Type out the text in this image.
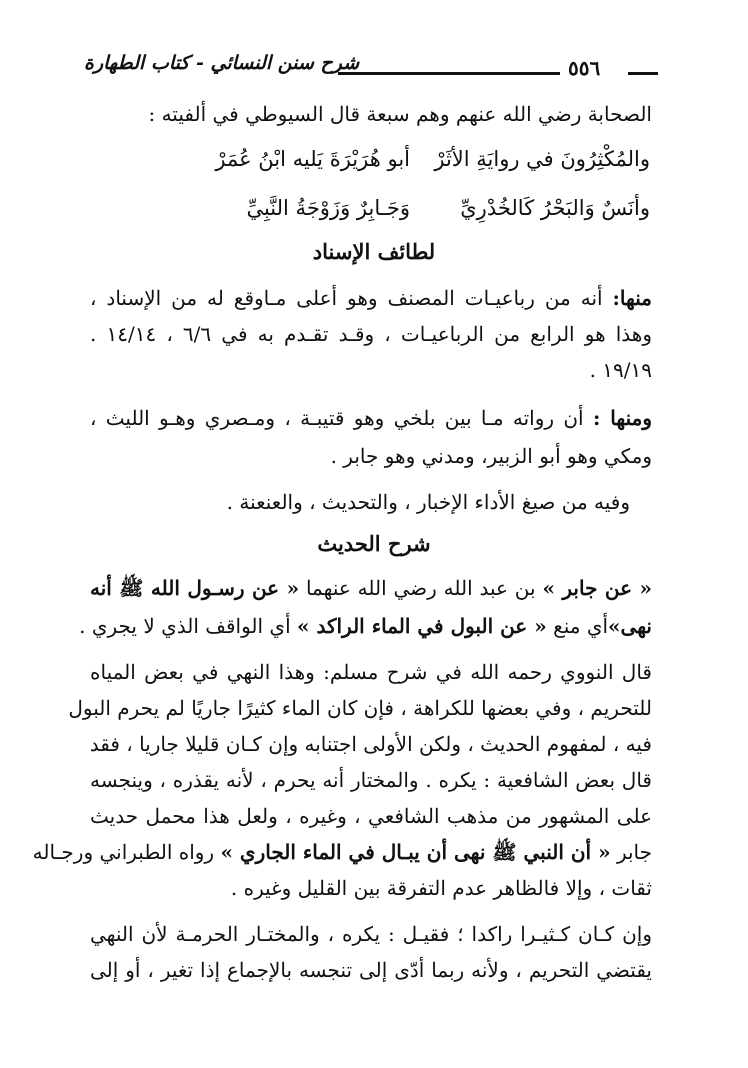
شرح سنن النسائي - كتاب الطهارة	٥٥٦
الصحابة رضي الله عنهم وهم سبعة قال السيوطي في ألفيته :
والمُكْثِرُونَ في روايَةِ الأثَرْ
أبو هُرَيْرَةَ يَليه ابْنُ عُمَرْ
وأنَسٌ وَالبَحْرُ كَالخُدْرِيِّ
وَجَـابِرٌ وَزَوْجَةُ النَّبِيِّ
لطائف الإسناد
منها: أنه من رباعيـات المصنف وهو أعلى مـاوقع له من الإسناد ،
وهذا هو الرابع من الرباعيـات ، وقـد تقـدم به في ٦/٦ ، ١٤/١٤ .
١٩/١٩ .
ومنها : أن رواته مـا بين بلخي وهو قتيبـة ، ومـصري وهـو الليث ،
ومكي وهو أبو الزبير، ومدني وهو جابر .
وفيه من صيغ الأداء الإخبار ، والتحديث ، والعنعنة .
شرح الحديث
« عن جابر » بن عبد الله رضي الله عنهما « عن رسـول الله ﷺ أنه
نهى»أي منع « عن البول في الماء الراكد » أي الواقف الذي لا يجري .
قال النووي رحمه الله في شرح مسلم: وهذا النهي في بعض المياه
للتحريم ، وفي بعضها للكراهة ، فإن كان الماء كثيرًا جاريًا لم يحرم البول
فيه ، لمفهوم الحديث ، ولكن الأولى اجتنابه وإن كـان قليلا جاريا ، فقد
قال بعض الشافعية : يكره . والمختار أنه يحرم ، لأنه يقذره ، وينجسه
على المشهور من مذهب الشافعي ، وغيره ، ولعل هذا محمل حديث
جابر « أن النبي ﷺ نهى أن يبـال في الماء الجاري » رواه الطبراني ورجـاله
ثقات ، وإلا فالظاهر عدم التفرقة بين القليل وغيره .
وإن كـان كـثيـرا راكدا ؛ فقيـل : يكره ، والمختـار الحرمـة لأن النهي
يقتضي التحريم ، ولأنه ربما أدّى إلى تنجسه بالإجماع إذا تغير ، أو إلى
